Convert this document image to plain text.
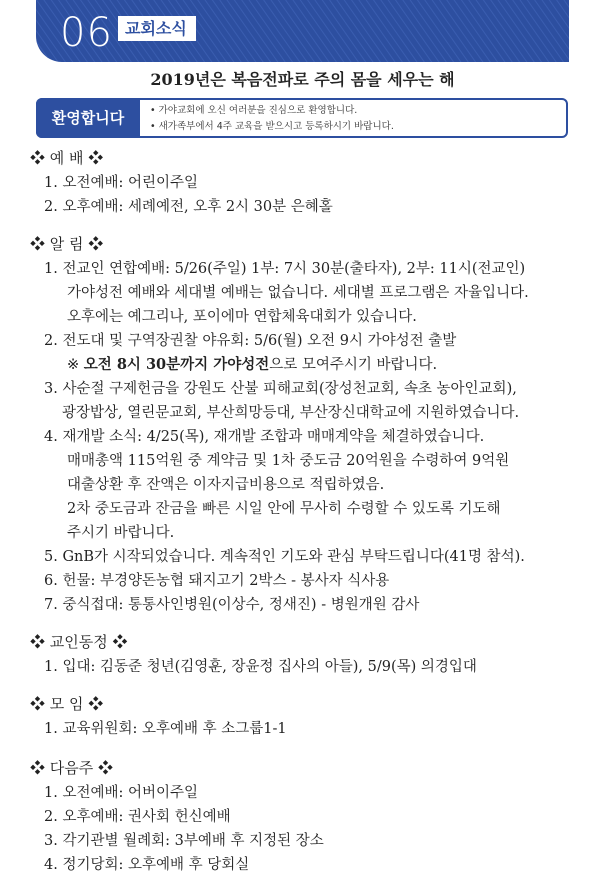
06 교회소식
2019년은 복음전파로 주의 몸을 세우는 해
환영합니다
•	가야교회에 오신 여러분을 진심으로 환영합니다.
• 새가족부에서 4주 교육을 받으시고 등록하시기 바랍니다.
❖ 예 배 ❖
1. 오전예배: 어린이주일
2. 오후예배: 세례예전, 오후 2시 30분 은혜홀
❖ 알 림 ❖
1. 전교인 연합예배: 5/26(주일) 1부: 7시 30분(출타자), 2부: 11시(전교인)
가야성전 예배와 세대별 예배는 없습니다. 세대별 프로그램은 자율입니다.
오후에는 예그리나, 포이에마 연합체육대회가 있습니다.
2. 전도대 및 구역장권찰 야유회: 5/6(월) 오전 9시 가야성전 출발
※ 오전 8시 30분까지 가야성전으로 모여주시기 바랍니다.
3. 사순절 구제헌금을 강원도 산불 피해교회(장성천교회, 속초 농아인교회),
광장밥상, 열린문교회, 부산희망등대, 부산장신대학교에 지원하였습니다.
4. 재개발 소식: 4/25(목), 재개발 조합과 매매계약을 체결하였습니다.
매매총액 115억원 중 계약금 및 1차 중도금 20억원을 수령하여 9억원
대출상환 후 잔액은 이자지급비용으로 적립하였음.
2차 중도금과 잔금을 빠른 시일 안에 무사히 수령할 수 있도록 기도해
주시기 바랍니다.
5. GnB가 시작되었습니다. 계속적인 기도와 관심 부탁드립니다(41명 참석).
6. 헌물: 부경양돈농협 돼지고기 2박스 - 봉사자 식사용
7. 중식접대: 통통사인병원(이상수, 정새진) - 병원개원 감사
❖ 교인동정 ❖
1. 입대: 김동준 청년(김영훈, 장윤정 집사의 아들), 5/9(목) 의경입대
❖ 모 임 ❖
1. 교육위원회: 오후예배 후 소그룹1-1
❖ 다음주 ❖
1. 오전예배: 어버이주일
2. 오후예배: 권사회 헌신예배
3. 각기관별 월례회: 3부예배 후 지정된 장소
4. 정기당회: 오후예배 후 당회실
